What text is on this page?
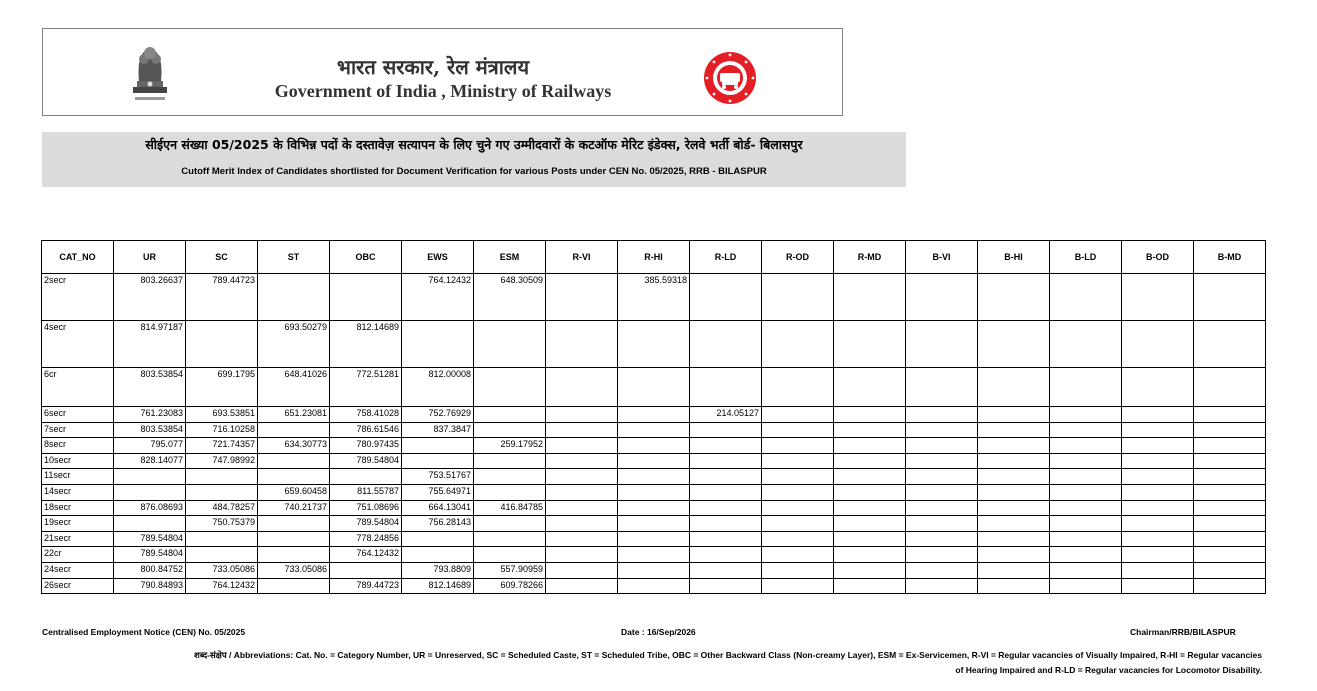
भारत सरकार, रेल मंत्रालय
Government of India , Ministry of Railways
सीईएन संख्या 05/2025 के विभिन्न पदों के दस्तावेज़ सत्यापन के लिए चुने गए उम्मीदवारों के कटऑफ मेरिट इंडेक्स, रेलवे भर्ती बोर्ड- बिलासपुर
Cutoff Merit Index of Candidates shortlisted for Document Verification for various Posts under CEN No. 05/2025, RRB - BILASPUR
CAT_NO	UR	SC	ST	OBC	EWS	ESM	R-VI	R-HI	R-LD	R-OD	R-MD	B-VI	B-HI	B-LD	B-OD	B-MD
2secr	803.26637	789.44723			764.12432	648.30509		385.59318								
4secr	814.97187		693.50279	812.14689												
6cr	803.53854	699.1795	648.41026	772.51281	812.00008											
6secr	761.23083	693.53851	651.23081	758.41028	752.76929				214.05127							
7secr	803.53854	716.10258		786.61546	837.3847											
8secr	795.077	721.74357	634.30773	780.97435		259.17952										
10secr	828.14077	747.98992		789.54804												
11secr					753.51767											
14secr			659.60458	811.55787	755.64971											
18secr	876.08693	484.78257	740.21737	751.08696	664.13041	416.84785										
19secr		750.75379		789.54804	756.28143											
21secr	789.54804			778.24856												
22cr	789.54804			764.12432												
24secr	800.84752	733.05086	733.05086		793.8809	557.90959										
26secr	790.84893	764.12432		789.44723	812.14689	609.78266										
Centralised Employment Notice (CEN) No. 05/2025	Date : 16/Sep/2026	Chairman/RRB/BILASPUR
शब्द-संक्षेप / Abbreviations: Cat. No. = Category Number, UR = Unreserved, SC = Scheduled Caste, ST = Scheduled Tribe, OBC = Other Backward Class (Non-creamy Layer), ESM = Ex-Servicemen, R-VI = Regular vacancies of Visually Impaired, R-HI = Regular vacancies
of Hearing Impaired and R-LD = Regular vacancies for Locomotor Disability.
